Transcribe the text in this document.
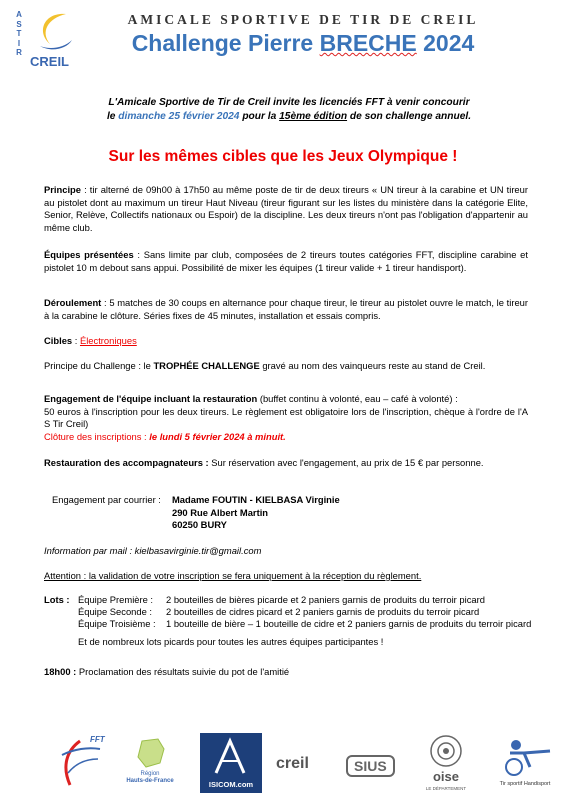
A
S
T
I
R
CREIL
AMICALE SPORTIVE DE TIR DE CREIL
Challenge Pierre BRECHE 2024
L'Amicale Sportive de Tir de Creil invite les licenciés FFT à venir concourir
le dimanche 25 février 2024 pour la 15ème édition de son challenge annuel.
Sur les mêmes cibles que les Jeux Olympique !
Principe : tir alterné de 09h00 à 17h50 au même poste de tir de deux tireurs « UN tireur à la carabine et UN tireur au pistolet dont au maximum un tireur Haut Niveau (tireur figurant sur les listes du ministère dans la catégorie Elite, Senior, Relève, Collectifs nationaux ou Espoir) de la discipline. Les deux tireurs n'ont pas l'obligation d'appartenir au même club.
Équipes présentées : Sans limite par club, composées de 2 tireurs toutes catégories FFT, discipline carabine et pistolet 10 m debout sans appui. Possibilité de mixer les équipes (1 tireur valide + 1 tireur handisport).
Déroulement : 5 matches de 30 coups en alternance pour chaque tireur, le tireur au pistolet ouvre le match, le tireur à la carabine le clôture. Séries fixes de 45 minutes, installation et essais compris.
Cibles : Électroniques
Principe du Challenge : le TROPHÉE CHALLENGE gravé au nom des vainqueurs reste au stand de Creil.
Engagement de l'équipe incluant la restauration (buffet continu à volonté, eau – café à volonté) :
50 euros à l'inscription pour les deux tireurs. Le règlement est obligatoire lors de l'inscription, chèque à l'ordre de l'A S Tir Creil)
Clôture des inscriptions : le lundi 5 février 2024 à minuit.
Restauration des accompagnateurs : Sur réservation avec l'engagement, au prix de 15 € par personne.
Engagement par courrier :	Madame FOUTIN - KIELBASA Virginie
290 Rue Albert Martin
60250 BURY
Information par mail : kielbasavirginie.tir@gmail.com
Attention : la validation de votre inscription se fera uniquement à la réception du règlement.
Lots :	Équipe Première :	2 bouteilles de bières picarde et 2 paniers garnis de produits du terroir picard
	Équipe Seconde :	2 bouteilles de cidres picard et 2 paniers garnis de produits du terroir picard
	Équipe Troisième :	1 bouteille de bière – 1 bouteille de cidre et 2 paniers garnis de produits du terroir picard
Et de nombreux lots picards pour toutes les autres équipes participantes !
18h00 : Proclamation des résultats suivie du pot de l'amitié
FFT
Région
Hauts-de-France	ISICOM.com
creil	SIUS
oise
LE DÉPARTEMENT
Tir sportif Handisport
